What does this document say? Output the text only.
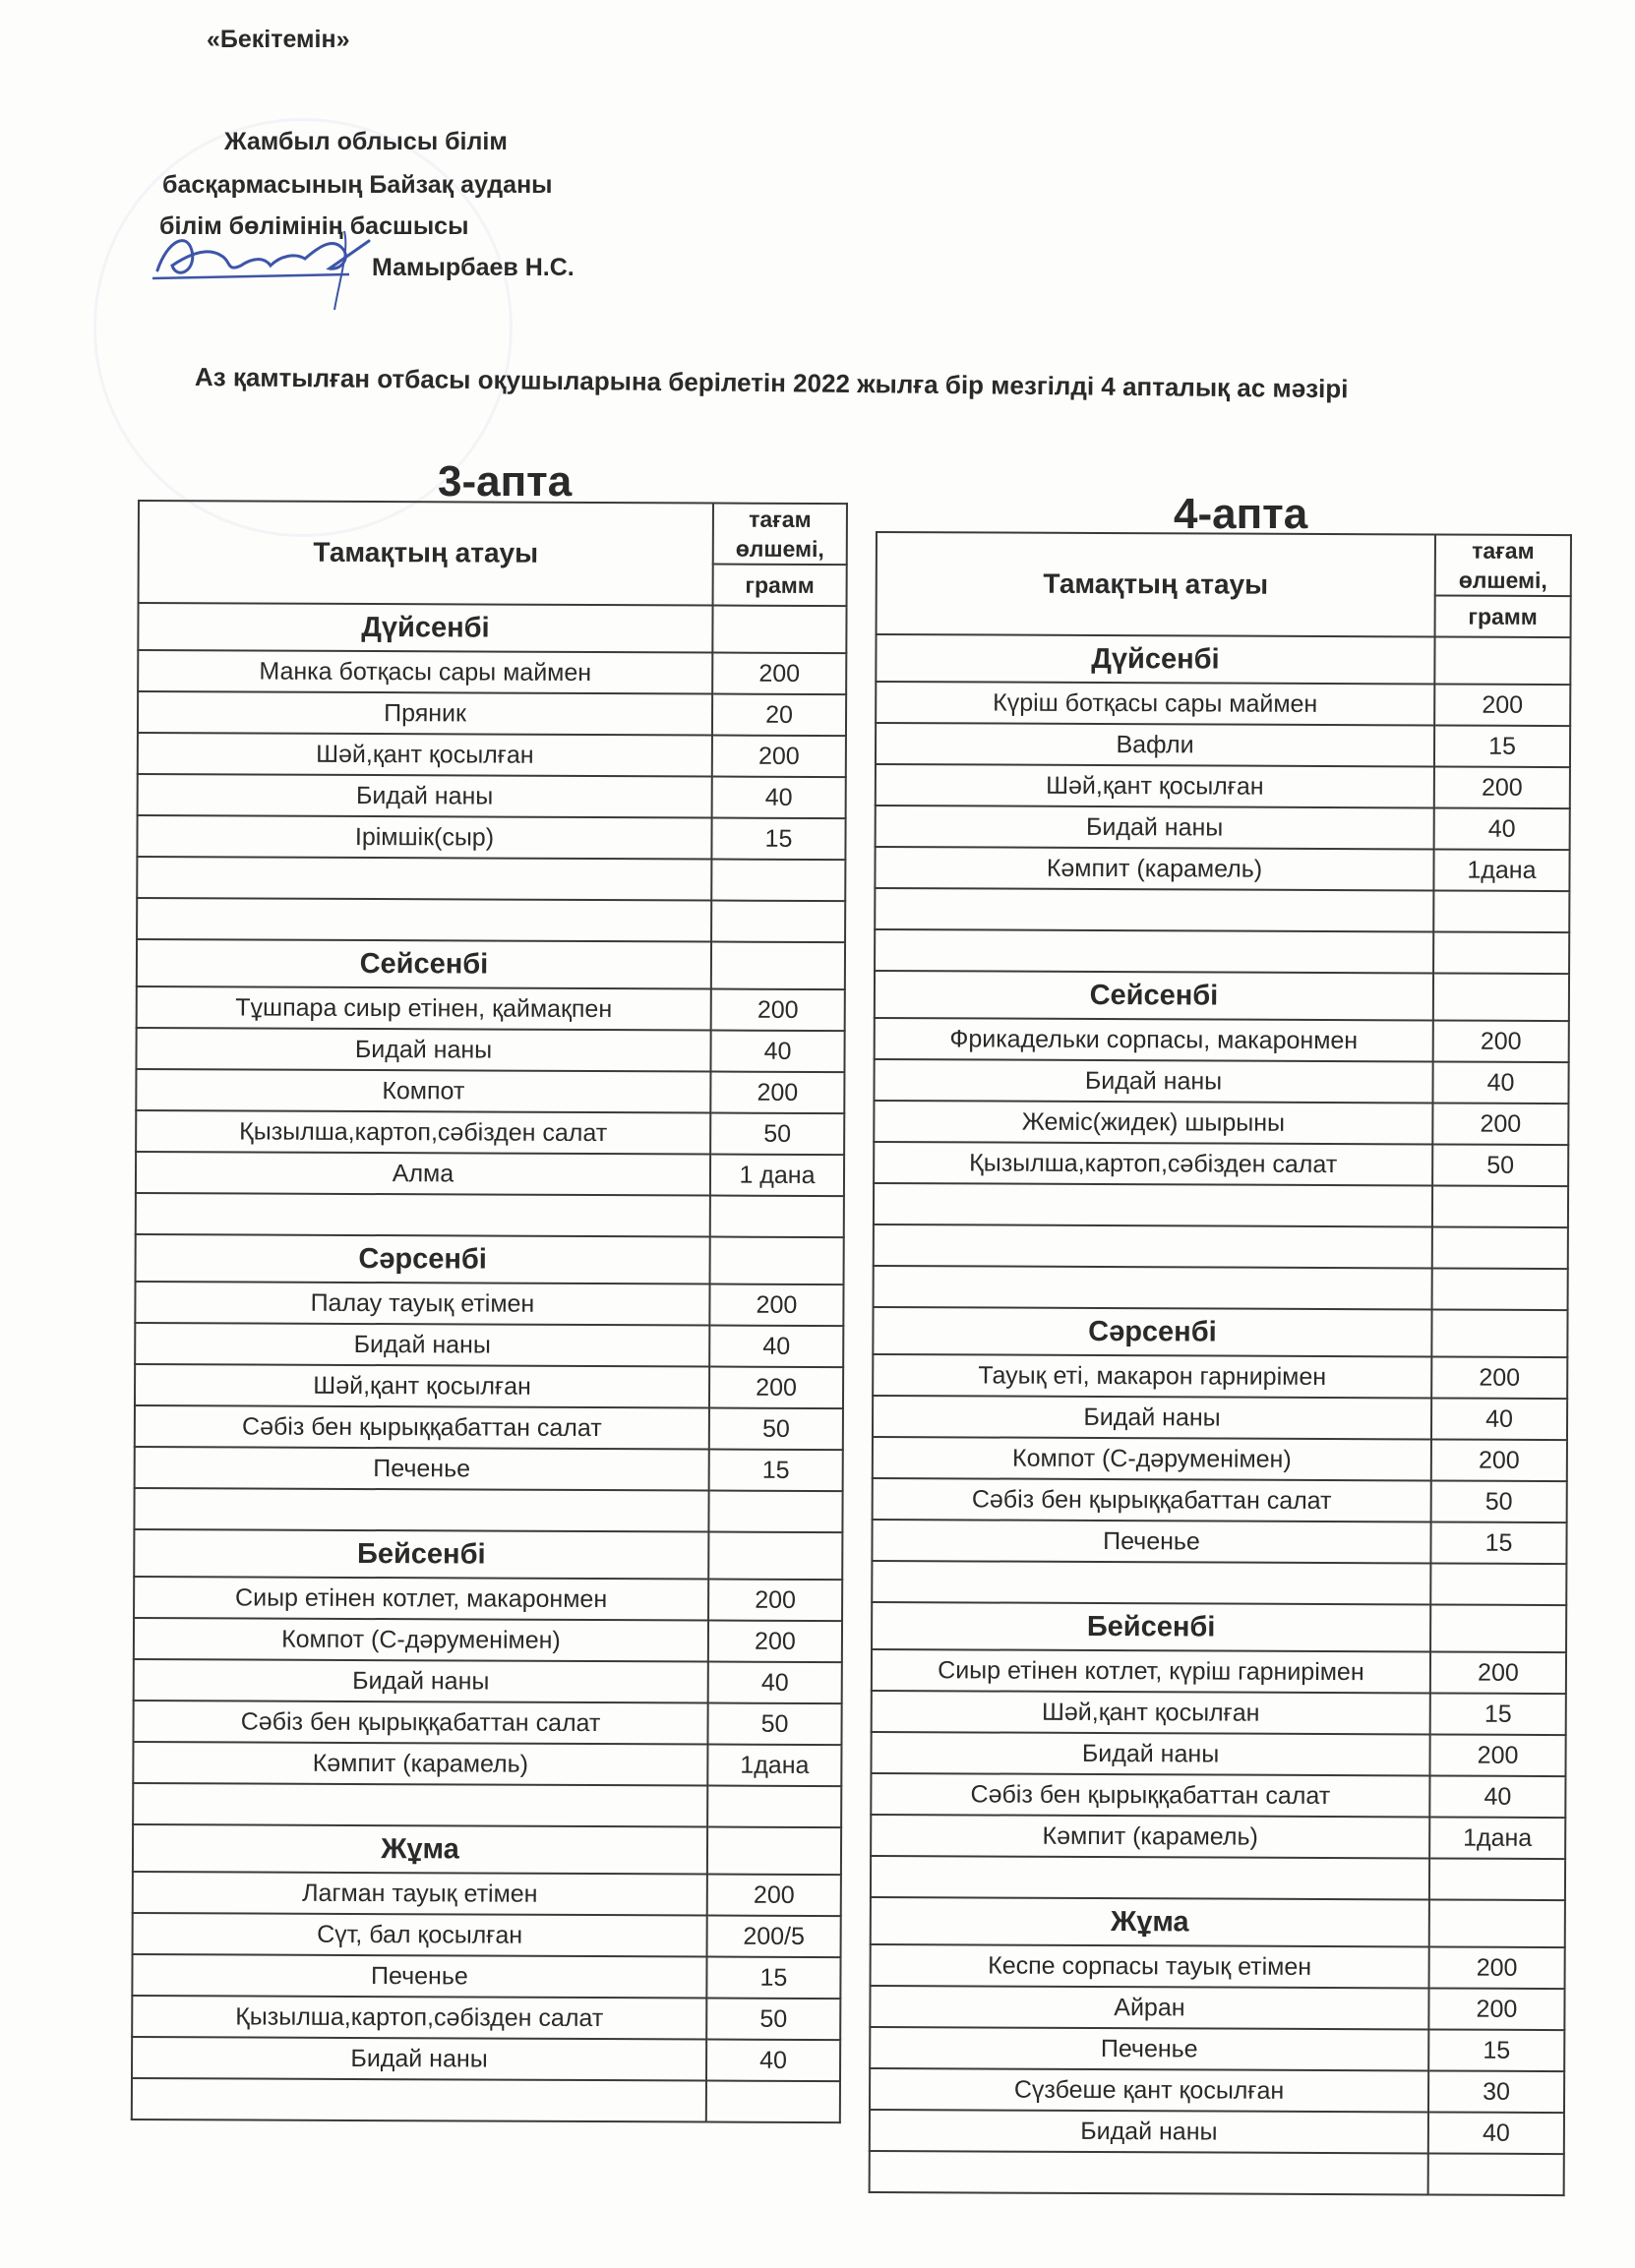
«Бекітемін»
Жамбыл облысы білім
басқармасының Байзақ ауданы
білім бөлімінің басшысы
Мамырбаев Н.С.
Аз қамтылған отбасы оқушыларына берілетін 2022 жылға бір мезгілді 4 апталық ас мәзірі
3-апта
4-апта
Тамақтың атауы	тағам өлшемі,
	грамм
Дүйсенбі	
Манка ботқасы сары маймен	200
Пряник	20
Шәй,қант қосылған	200
Бидай наны	40
Ірімшік(сыр)	15

Сейсенбі	
Тұшпара сиыр етінен, қаймақпен	200
Бидай наны	40
Компот	200
Қызылша,картоп,сәбізден салат	50
Алма	1 дана

Сәрсенбі	
Палау тауық етімен	200
Бидай наны	40
Шәй,қант қосылған	200
Сәбіз бен қырыққабаттан салат	50
Печенье	15

Бейсенбі	
Сиыр етінен котлет, макаронмен	200
Компот (С-дәруменімен)	200
Бидай наны	40
Сәбіз бен қырыққабаттан салат	50
Кәмпит (карамель)	1дана

Жұма	
Лагман тауық етімен	200
Сүт, бал қосылған	200/5
Печенье	15
Қызылша,картоп,сәбізден салат	50
Бидай наны	40

Тамақтың атауы	тағам өлшемі,
	грамм
Дүйсенбі	
Күріш ботқасы сары маймен	200
Вафли	15
Шәй,қант қосылған	200
Бидай наны	40
Кәмпит (карамель)	1дана

Сейсенбі	
Фрикадельки сорпасы, макаронмен	200
Бидай наны	40
Жеміс(жидек) шырыны	200
Қызылша,картоп,сәбізден салат	50

Сәрсенбі	
Тауық еті, макарон гарнирімен	200
Бидай наны	40
Компот (С-дәруменімен)	200
Сәбіз бен қырыққабаттан салат	50
Печенье	15

Бейсенбі	
Сиыр етінен котлет, күріш гарнирімен	200
Шәй,қант қосылған	15
Бидай наны	200
Сәбіз бен қырыққабаттан салат	40
Кәмпит (карамель)	1дана

Жұма	
Кеспе сорпасы тауық етімен	200
Айран	200
Печенье	15
Сүзбеше қант қосылған	30
Бидай наны	40
